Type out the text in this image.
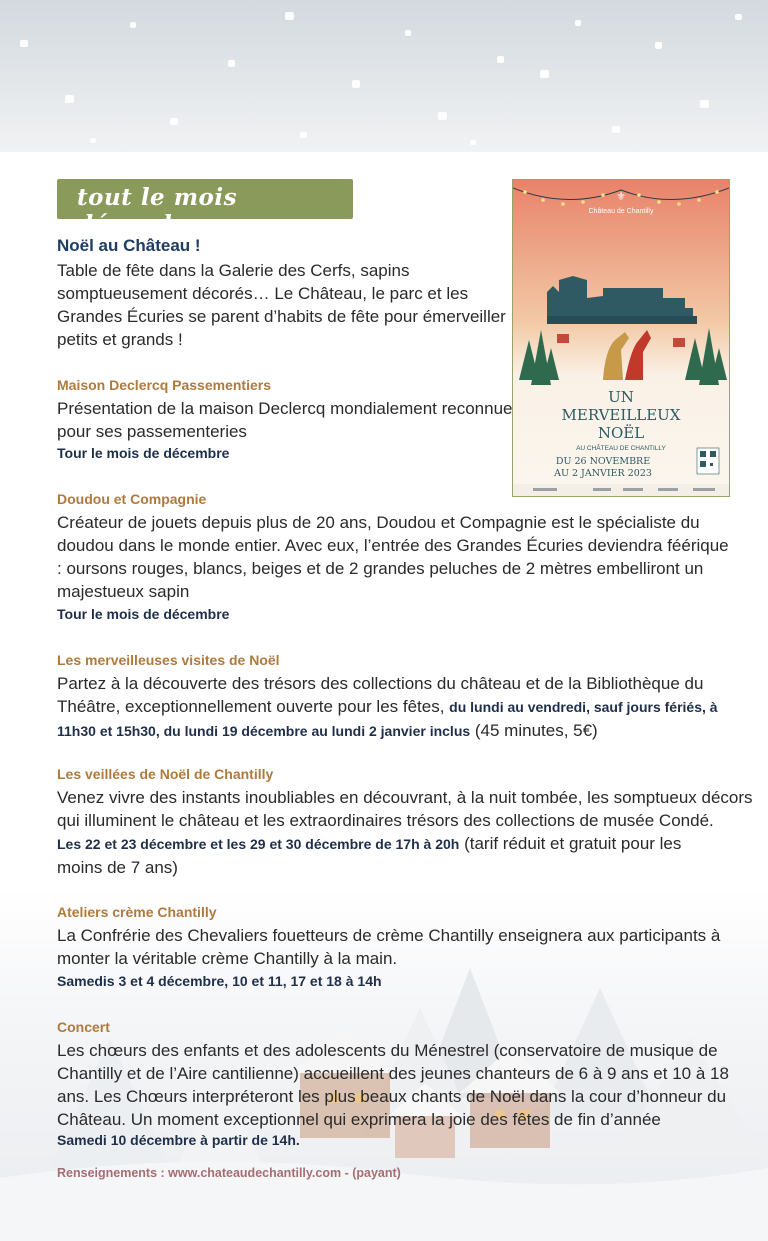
tout le mois décembre
⚜
Château de Chantilly
UN
MERVEILLEUX
NOËL
AU CHÂTEAU DE CHANTILLY
DU 26 NOVEMBRE
AU 2 JANVIER 2023
Noël au Château !
Table de fête dans la Galerie des Cerfs, sapins
somptueusement décorés… Le Château, le parc et les
Grandes Écuries se parent d’habits de fête pour émerveiller
petits et grands !
Maison Declercq Passementiers
Présentation de la maison Declercq mondialement reconnue
pour ses passementeries
Tour le mois de décembre
Doudou et Compagnie
Créateur de jouets depuis plus de 20 ans, Doudou et Compagnie est le spécialiste du
doudou dans le monde entier. Avec eux, l’entrée des Grandes Écuries deviendra féérique
: oursons rouges, blancs, beiges et de 2 grandes peluches de 2 mètres embelliront un
majestueux sapin
Tour le mois de décembre
Les merveilleuses visites de Noël
Partez à la découverte des trésors des collections du château et de la Bibliothèque du
Théâtre, exceptionnellement ouverte pour les fêtes, du lundi au vendredi, sauf jours fériés, à
11h30 et 15h30, du lundi 19 décembre au lundi 2 janvier inclus (45 minutes, 5€)
Les veillées de Noël de Chantilly
Venez vivre des instants inoubliables en découvrant, à la nuit tombée, les somptueux décors
qui illuminent le château et les extraordinaires trésors des collections de musée Condé.
Les 22 et 23 décembre et les 29 et 30 décembre de 17h à 20h (tarif réduit et gratuit pour les
moins de 7 ans)
Ateliers crème Chantilly
La Confrérie des Chevaliers fouetteurs de crème Chantilly enseignera aux participants à
monter la véritable crème Chantilly à la main.
Samedis 3 et 4 décembre, 10 et 11, 17 et 18 à 14h
Concert
Les chœurs des enfants et des adolescents du Ménestrel (conservatoire de musique de
Chantilly et de l’Aire cantilienne) accueillent des jeunes chanteurs de 6 à 9 ans et 10 à 18
ans. Les Chœurs interpréteront les plus beaux chants de Noël dans la cour d’honneur du
Château. Un moment exceptionnel qui exprimera la joie des fêtes de fin d’année
Samedi 10 décembre à partir de 14h.
Renseignements : www.chateaudechantilly.com - (payant)
